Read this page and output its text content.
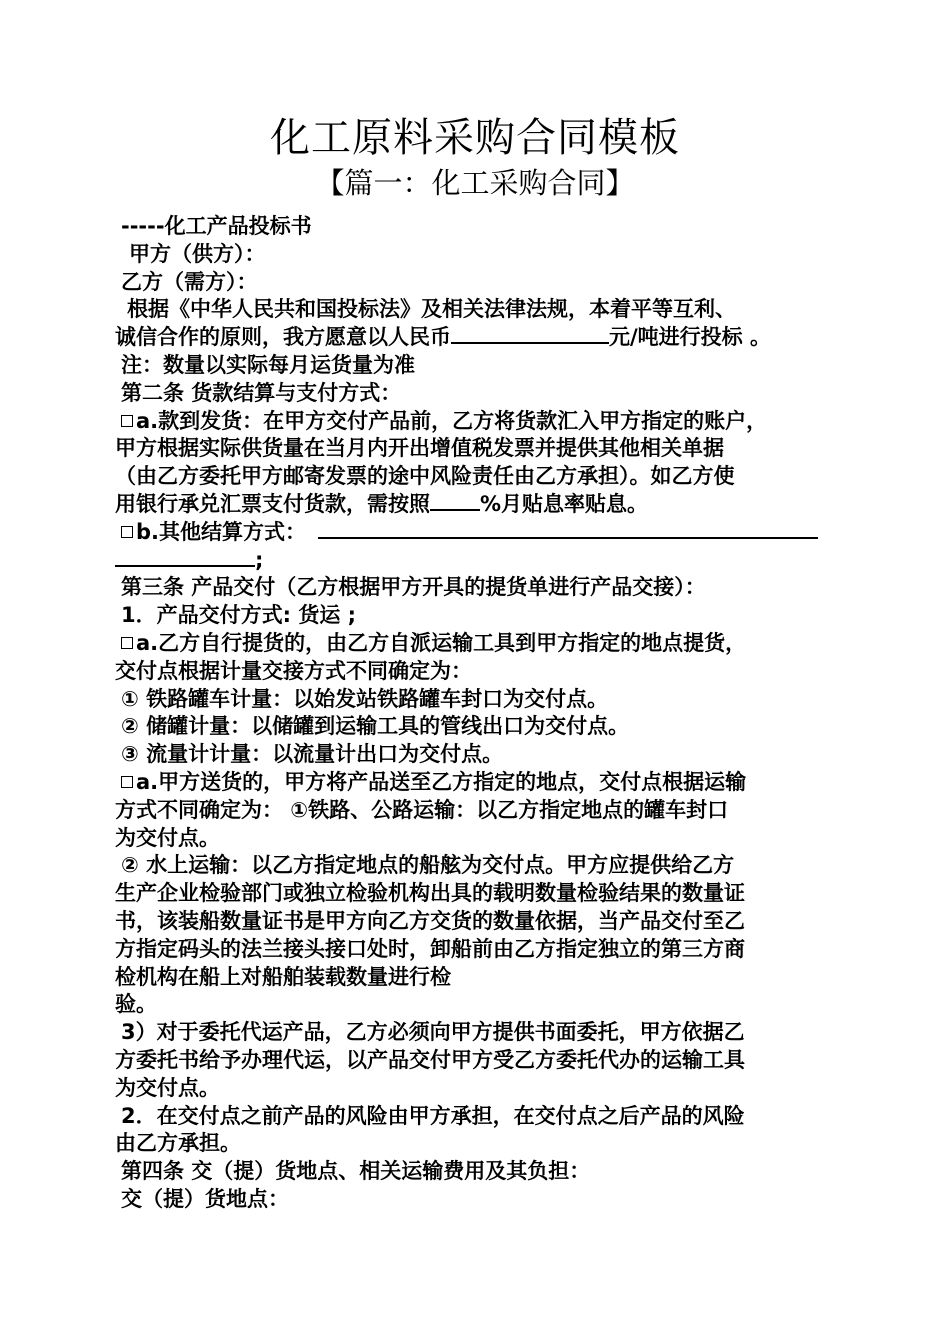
化工原料采购合同模板
【篇一：化工采购合同】
-----化工产品投标书
甲方（供方）：
乙方（需方）：
根据《中华人民共和国投标法》及相关法律法规，本着平等互利、
诚信合作的原则，我方愿意以人民币	元/吨进行投标 。
注：数量以实际每月运货量为准
第二条 货款结算与支付方式：
a.款到发货：在甲方交付产品前，乙方将货款汇入甲方指定的账户，
甲方根据实际供货量在当月内开出增值税发票并提供其他相关单据
（由乙方委托甲方邮寄发票的途中风险责任由乙方承担）。如乙方使
用银行承兑汇票支付货款，需按照 %月贴息率贴息。
b.其他结算方式：
;
第三条 产品交付（乙方根据甲方开具的提货单进行产品交接）：
1．产品交付方式: 货运 ;
a.乙方自行提货的，由乙方自派运输工具到甲方指定的地点提货，
交付点根据计量交接方式不同确定为：
① 铁路罐车计量：以始发站铁路罐车封口为交付点。
② 储罐计量：以储罐到运输工具的管线出口为交付点。
③ 流量计计量：以流量计出口为交付点。
a.甲方送货的，甲方将产品送至乙方指定的地点，交付点根据运输
方式不同确定为： ①铁路、公路运输：以乙方指定地点的罐车封口
为交付点。
② 水上运输：以乙方指定地点的船舷为交付点。甲方应提供给乙方
生产企业检验部门或独立检验机构出具的载明数量检验结果的数量证
书，该装船数量证书是甲方向乙方交货的数量依据，当产品交付至乙
方指定码头的法兰接头接口处时，卸船前由乙方指定独立的第三方商
检机构在船上对船舶装载数量进行检
验。
3）对于委托代运产品，乙方必须向甲方提供书面委托，甲方依据乙
方委托书给予办理代运，以产品交付甲方受乙方委托代办的运输工具
为交付点。
2．在交付点之前产品的风险由甲方承担，在交付点之后产品的风险
由乙方承担。
第四条 交（提）货地点、相关运输费用及其负担：
交（提）货地点：
